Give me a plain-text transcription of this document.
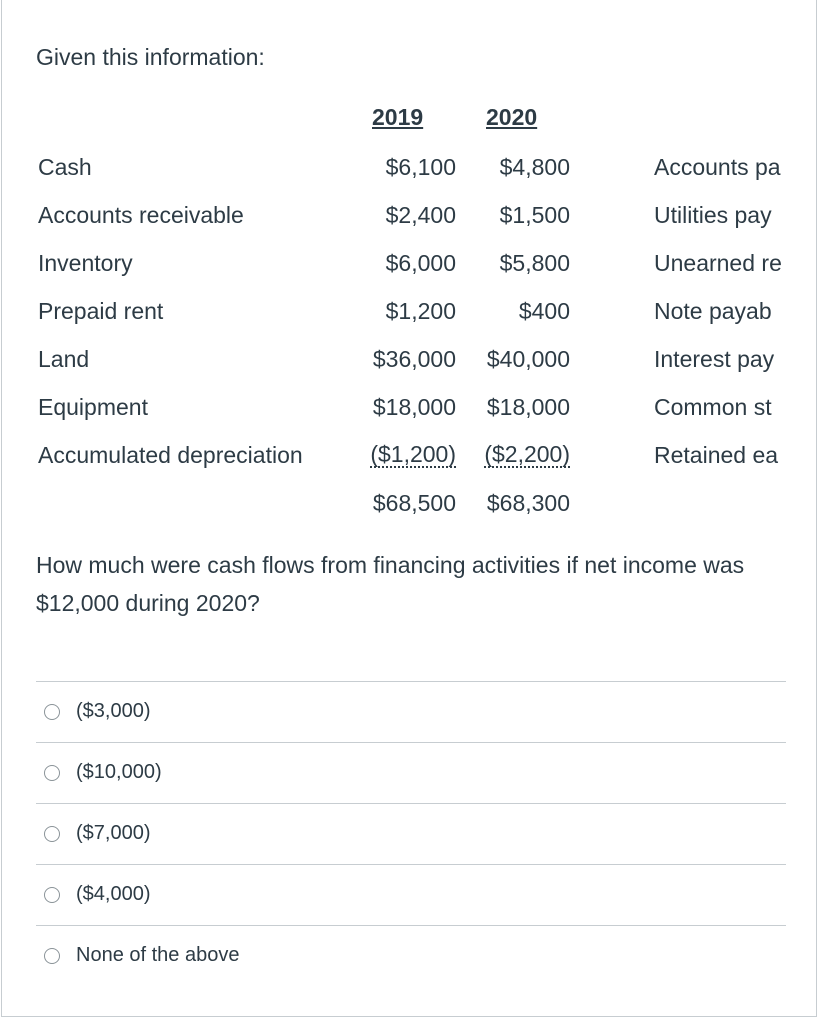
Given this information:
2019	2020
Cash	$6,100 $4,800	Accounts pa
Accounts receivable	$2,400 $1,500	Utilities pay
Inventory	$6,000 $5,800	Unearned re
Prepaid rent	$1,200	$400	Note payab
Land	$36,000 $40,000	Interest pay
Equipment	$18,000 $18,000	Common st
Accumulated depreciation	($1,200) ($2,200)	Retained ea
$68,500 $68,300
How much were cash flows from financing activities if net income was $12,000 during 2020?
($3,000)
($10,000)
($7,000)
($4,000)
None of the above
